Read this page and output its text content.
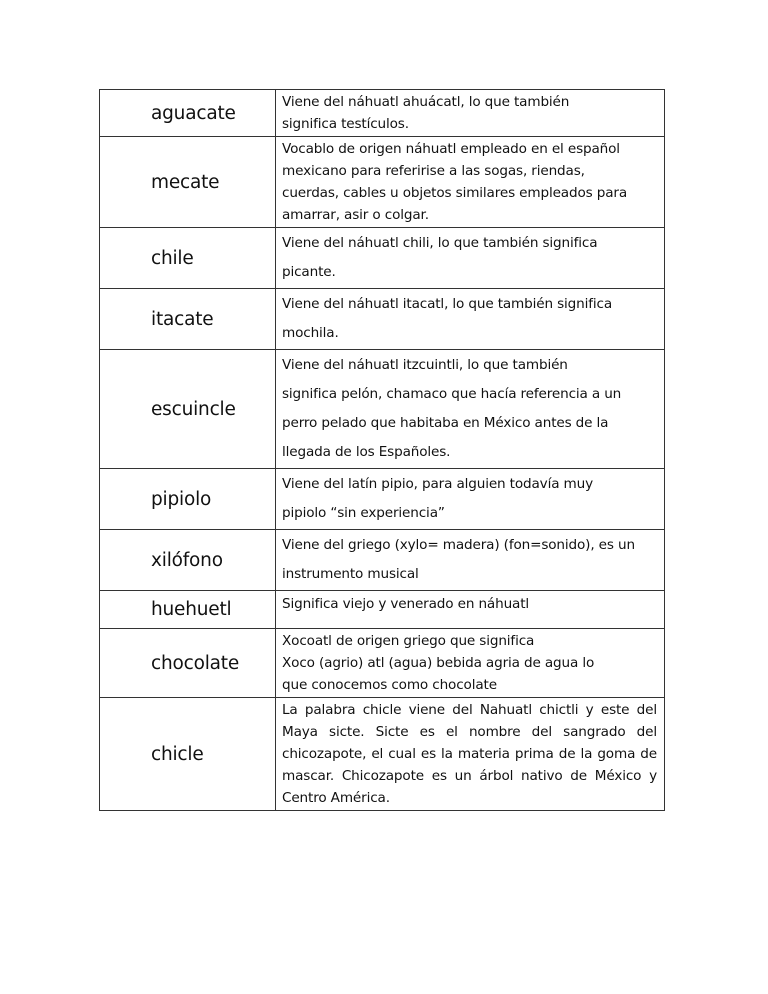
aguacate	Viene del náhuatl ahuácatl, lo que también
significa testículos.

mecate	Vocablo de origen náhuatl empleado en el español
mexicano para referirise a las sogas, riendas,
cuerdas, cables u objetos similares empleados para
amarrar, asir o colgar.

chile	Viene del náhuatl chili, lo que también significa
picante.

itacate	Viene del náhuatl itacatl, lo que también significa
mochila.

escuincle	Viene del náhuatl itzcuintli, lo que también
significa pelón, chamaco que hacía referencia a un
perro pelado que habitaba en México antes de la
llegada de los Españoles.

pipiolo	Viene del latín pipio, para alguien todavía muy
pipiolo “sin experiencia”

xilófono	Viene del griego (xylo= madera) (fon=sonido), es un
instrumento musical

huehuetl	Significa viejo y venerado en náhuatl

chocolate	Xocoatl de origen griego que significa
Xoco (agrio) atl (agua) bebida agria de agua lo
que conocemos como chocolate

chicle	La palabra chicle viene del Nahuatl chictli y este del Maya sicte. Sicte es el nombre del sangrado del chicozapote, el cual es la materia prima de la goma de mascar. Chicozapote es un árbol nativo de México y Centro América.
